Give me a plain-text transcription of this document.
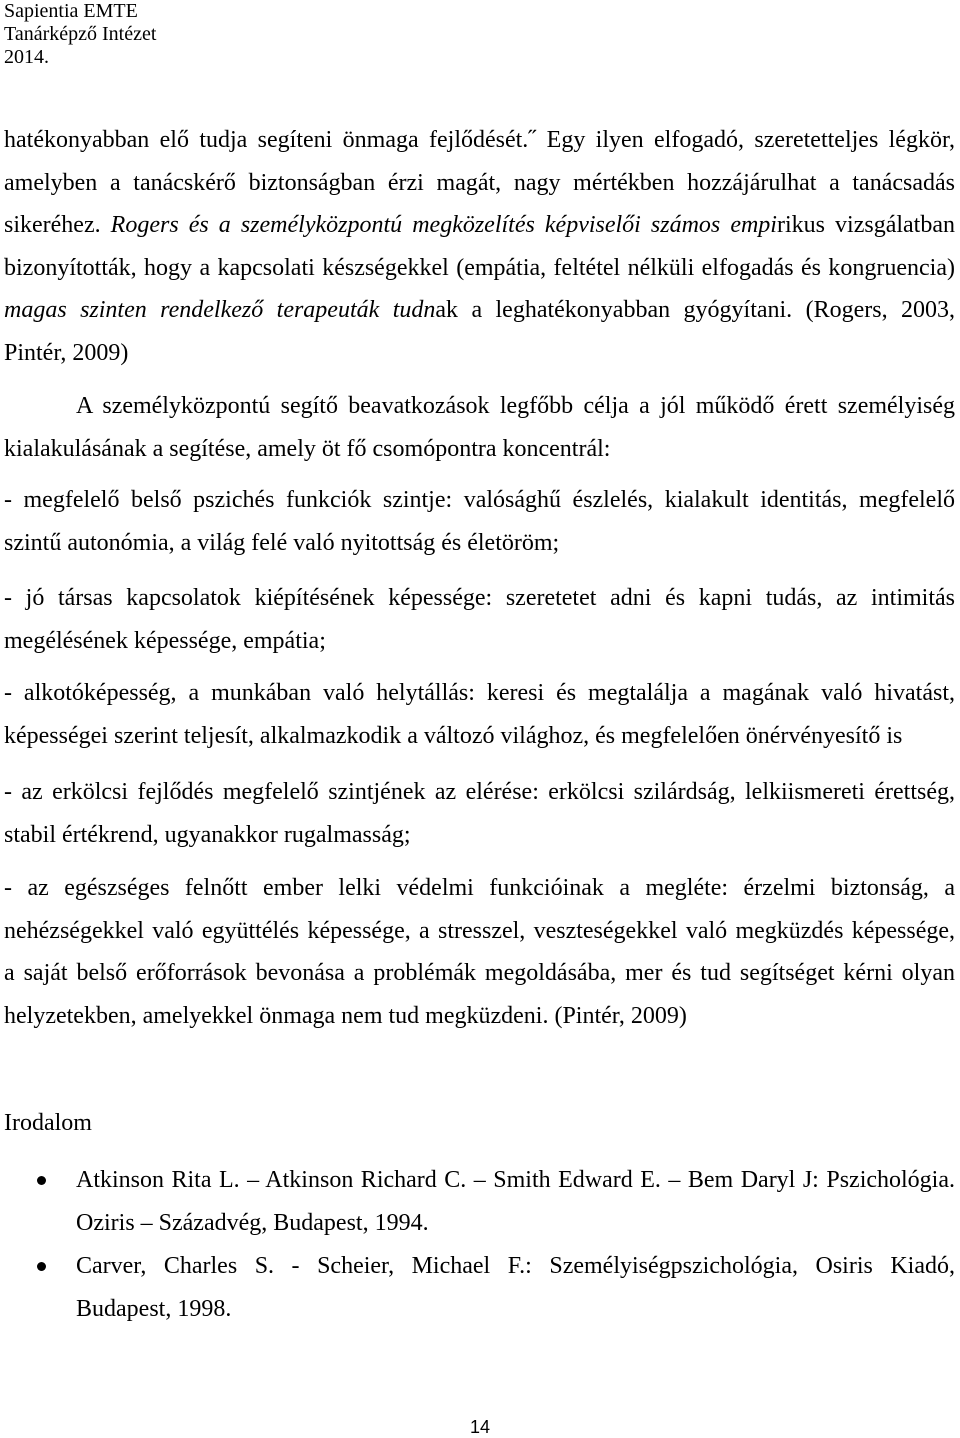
Sapientia EMTE
Tanárképző Intézet
2014.
hatékonyabban elő tudja segíteni önmaga fejlődését.˝ Egy ilyen elfogadó, szeretetteljes légkör,
amelyben a tanácskérő biztonságban érzi magát, nagy mértékben hozzájárulhat a tanácsadás
sikeréhez. Rogers és a személyközpontú megközelítés képviselői számos empirikus vizsgálatban
bizonyították, hogy a kapcsolati készségekkel (empátia, feltétel nélküli elfogadás és kongruencia)
magas szinten rendelkező terapeuták tudnak a leghatékonyabban gyógyítani. (Rogers, 2003,
Pintér, 2009)
A személyközpontú segítő beavatkozások legfőbb célja a jól működő érett személyiség
kialakulásának a segítése, amely öt fő csomópontra koncentrál:
- megfelelő belső pszichés funkciók szintje: valósághű észlelés, kialakult identitás, megfelelő
szintű autonómia, a világ felé való nyitottság és életöröm;
- jó társas kapcsolatok kiépítésének képessége: szeretetet adni és kapni tudás, az intimitás
megélésének képessége, empátia;
- alkotóképesség, a munkában való helytállás: keresi és megtalálja a magának való hivatást,
képességei szerint teljesít, alkalmazkodik a változó világhoz, és megfelelően önérvényesítő is
- az erkölcsi fejlődés megfelelő szintjének az elérése: erkölcsi szilárdság, lelkiismereti érettség,
stabil értékrend, ugyanakkor rugalmasság;
- az egészséges felnőtt ember lelki védelmi funkcióinak a megléte: érzelmi biztonság, a
nehézségekkel való együttélés képessége, a stresszel, veszteségekkel való megküzdés képessége,
a saját belső erőforrások bevonása a problémák megoldásába, mer és tud segítséget kérni olyan
helyzetekben, amelyekkel önmaga nem tud megküzdeni. (Pintér, 2009)
Irodalom
Atkinson Rita L. – Atkinson Richard C. – Smith Edward E. – Bem Daryl J: Pszichológia.
Oziris – Századvég, Budapest, 1994.
Carver, Charles S. - Scheier, Michael F.: Személyiségpszichológia, Osiris Kiadó,
Budapest, 1998.
14
